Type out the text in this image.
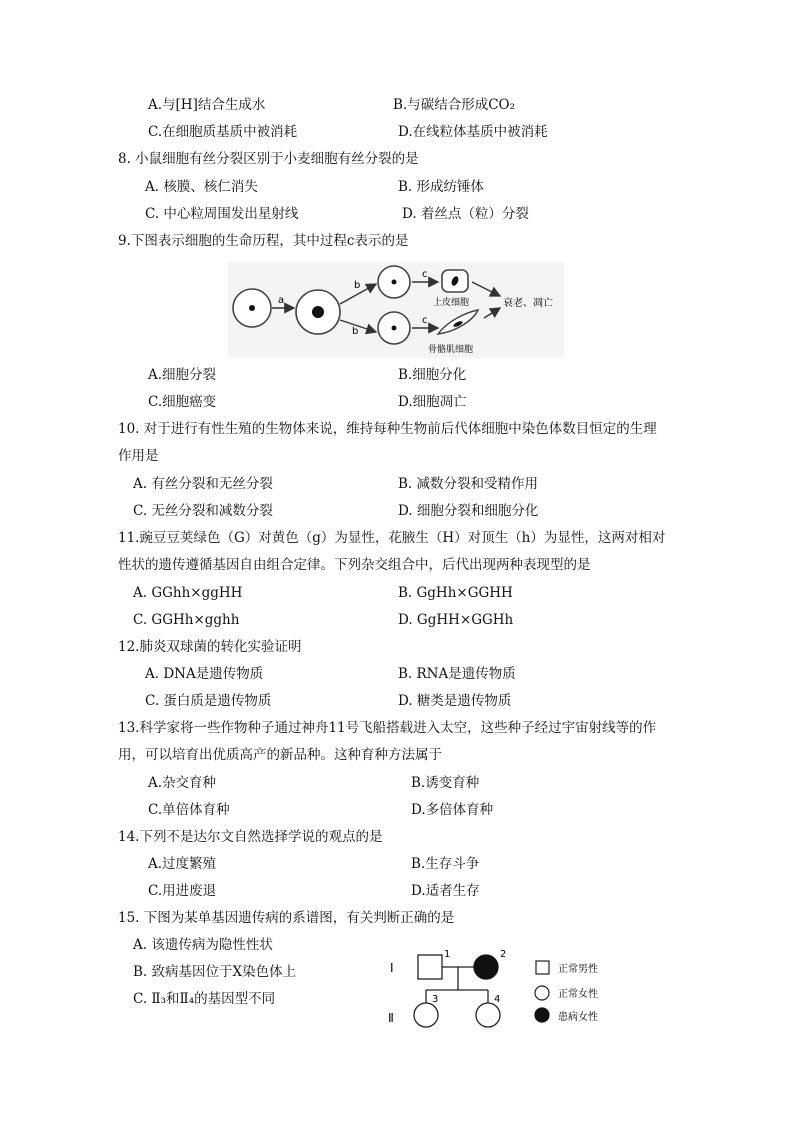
A.与[H]结合生成水	B.与碳结合形成CO₂
C.在细胞质基质中被消耗	D.在线粒体基质中被消耗
8. 小鼠细胞有丝分裂区别于小麦细胞有丝分裂的是
A. 核膜、核仁消失	B. 形成纺锤体
C. 中心粒周围发出星射线	D. 着丝点（粒）分裂
9.下图表示细胞的生命历程，其中过程c表示的是
a
b
b
c
c
上皮细胞
骨骼肌细胞
衰老、凋亡
A.细胞分裂	B.细胞分化
C.细胞癌变	D.细胞凋亡
10. 对于进行有性生殖的生物体来说，维持每种生物前后代体细胞中染色体数目恒定的生理
作用是
A. 有丝分裂和无丝分裂	B. 减数分裂和受精作用
C. 无丝分裂和减数分裂	D. 细胞分裂和细胞分化
11.豌豆豆荚绿色（G）对黄色（g）为显性，花腋生（H）对顶生（h）为显性，这两对相对
性状的遗传遵循基因自由组合定律。下列杂交组合中，后代出现两种表现型的是
A. GGhh×ggHH	B. GgHh×GGHH
C. GGHh×gghh	D. GgHH×GGHh
12.肺炎双球菌的转化实验证明
A. DNA是遗传物质	B. RNA是遗传物质
C. 蛋白质是遗传物质	D. 糖类是遗传物质
13.科学家将一些作物种子通过神舟11号飞船搭载进入太空，这些种子经过宇宙射线等的作
用，可以培育出优质高产的新品种。这种育种方法属于
A.杂交育种	B.诱变育种
C.单倍体育种	D.多倍体育种
14.下列不是达尔文自然选择学说的观点的是
A.过度繁殖	B.生存斗争
C.用进废退	D.适者生存
15. 下图为某单基因遗传病的系谱图，有关判断正确的是
A. 该遗传病为隐性性状
B. 致病基因位于X染色体上
C. Ⅱ₃和Ⅱ₄的基因型不同
Ⅰ
Ⅱ
1	2
3	4
正常男性
正常女性
患病女性
